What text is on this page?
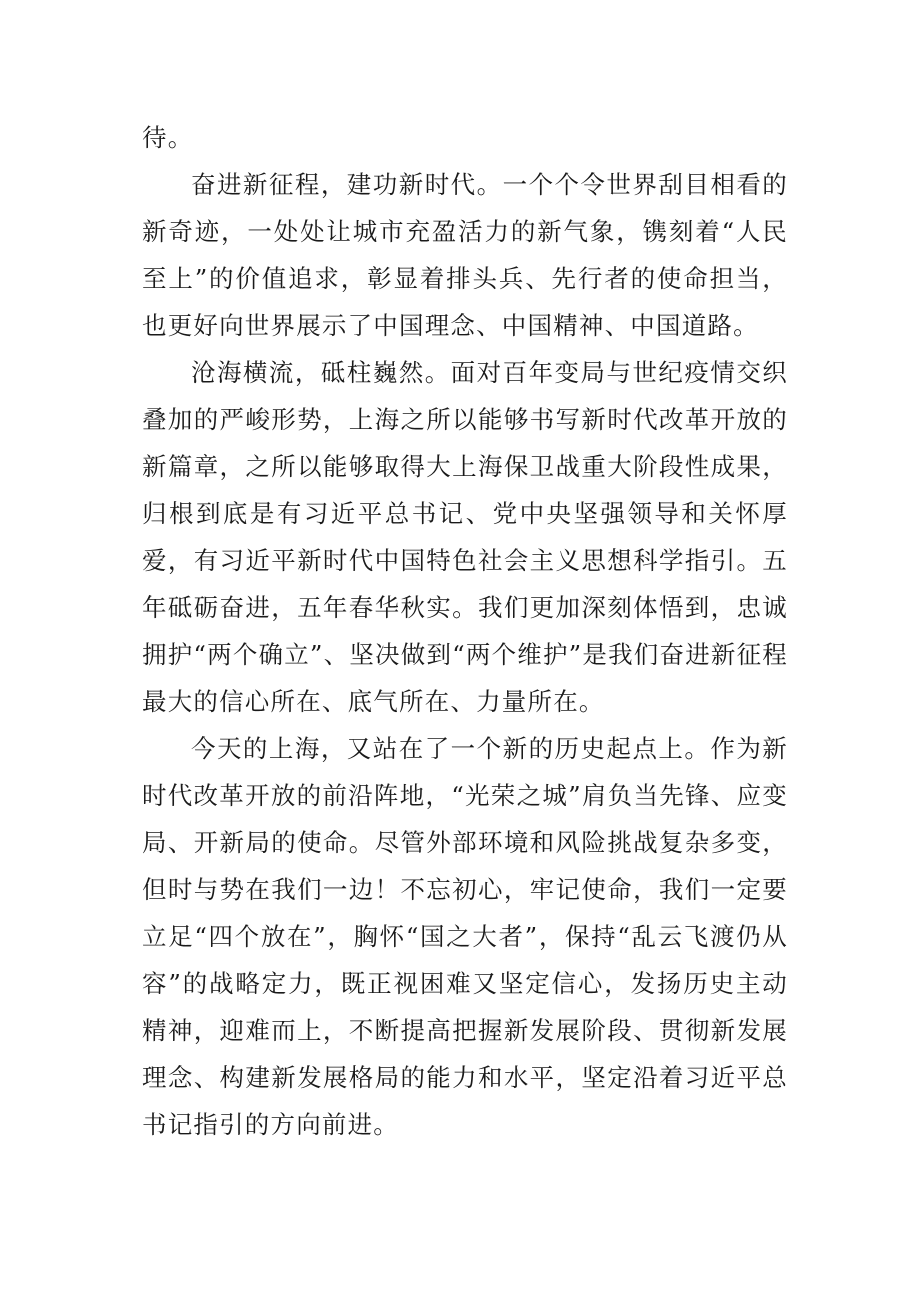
待。

奋进新征程，建功新时代。一个个令世界刮目相看的新奇迹，一处处让城市充盈活力的新气象，镌刻着“人民至上”的价值追求，彰显着排头兵、先行者的使命担当，也更好向世界展示了中国理念、中国精神、中国道路。

沧海横流，砥柱巍然。面对百年变局与世纪疫情交织叠加的严峻形势，上海之所以能够书写新时代改革开放的新篇章，之所以能够取得大上海保卫战重大阶段性成果，归根到底是有习近平总书记、党中央坚强领导和关怀厚爱，有习近平新时代中国特色社会主义思想科学指引。五年砥砺奋进，五年春华秋实。我们更加深刻体悟到，忠诚拥护“两个确立”、坚决做到“两个维护”是我们奋进新征程最大的信心所在、底气所在、力量所在。

今天的上海，又站在了一个新的历史起点上。作为新时代改革开放的前沿阵地，“光荣之城”肩负当先锋、应变局、开新局的使命。尽管外部环境和风险挑战复杂多变，但时与势在我们一边！不忘初心，牢记使命，我们一定要立足“四个放在”，胸怀“国之大者”，保持“乱云飞渡仍从容”的战略定力，既正视困难又坚定信心，发扬历史主动精神，迎难而上，不断提高把握新发展阶段、贯彻新发展理念、构建新发展格局的能力和水平，坚定沿着习近平总书记指引的方向前进。
